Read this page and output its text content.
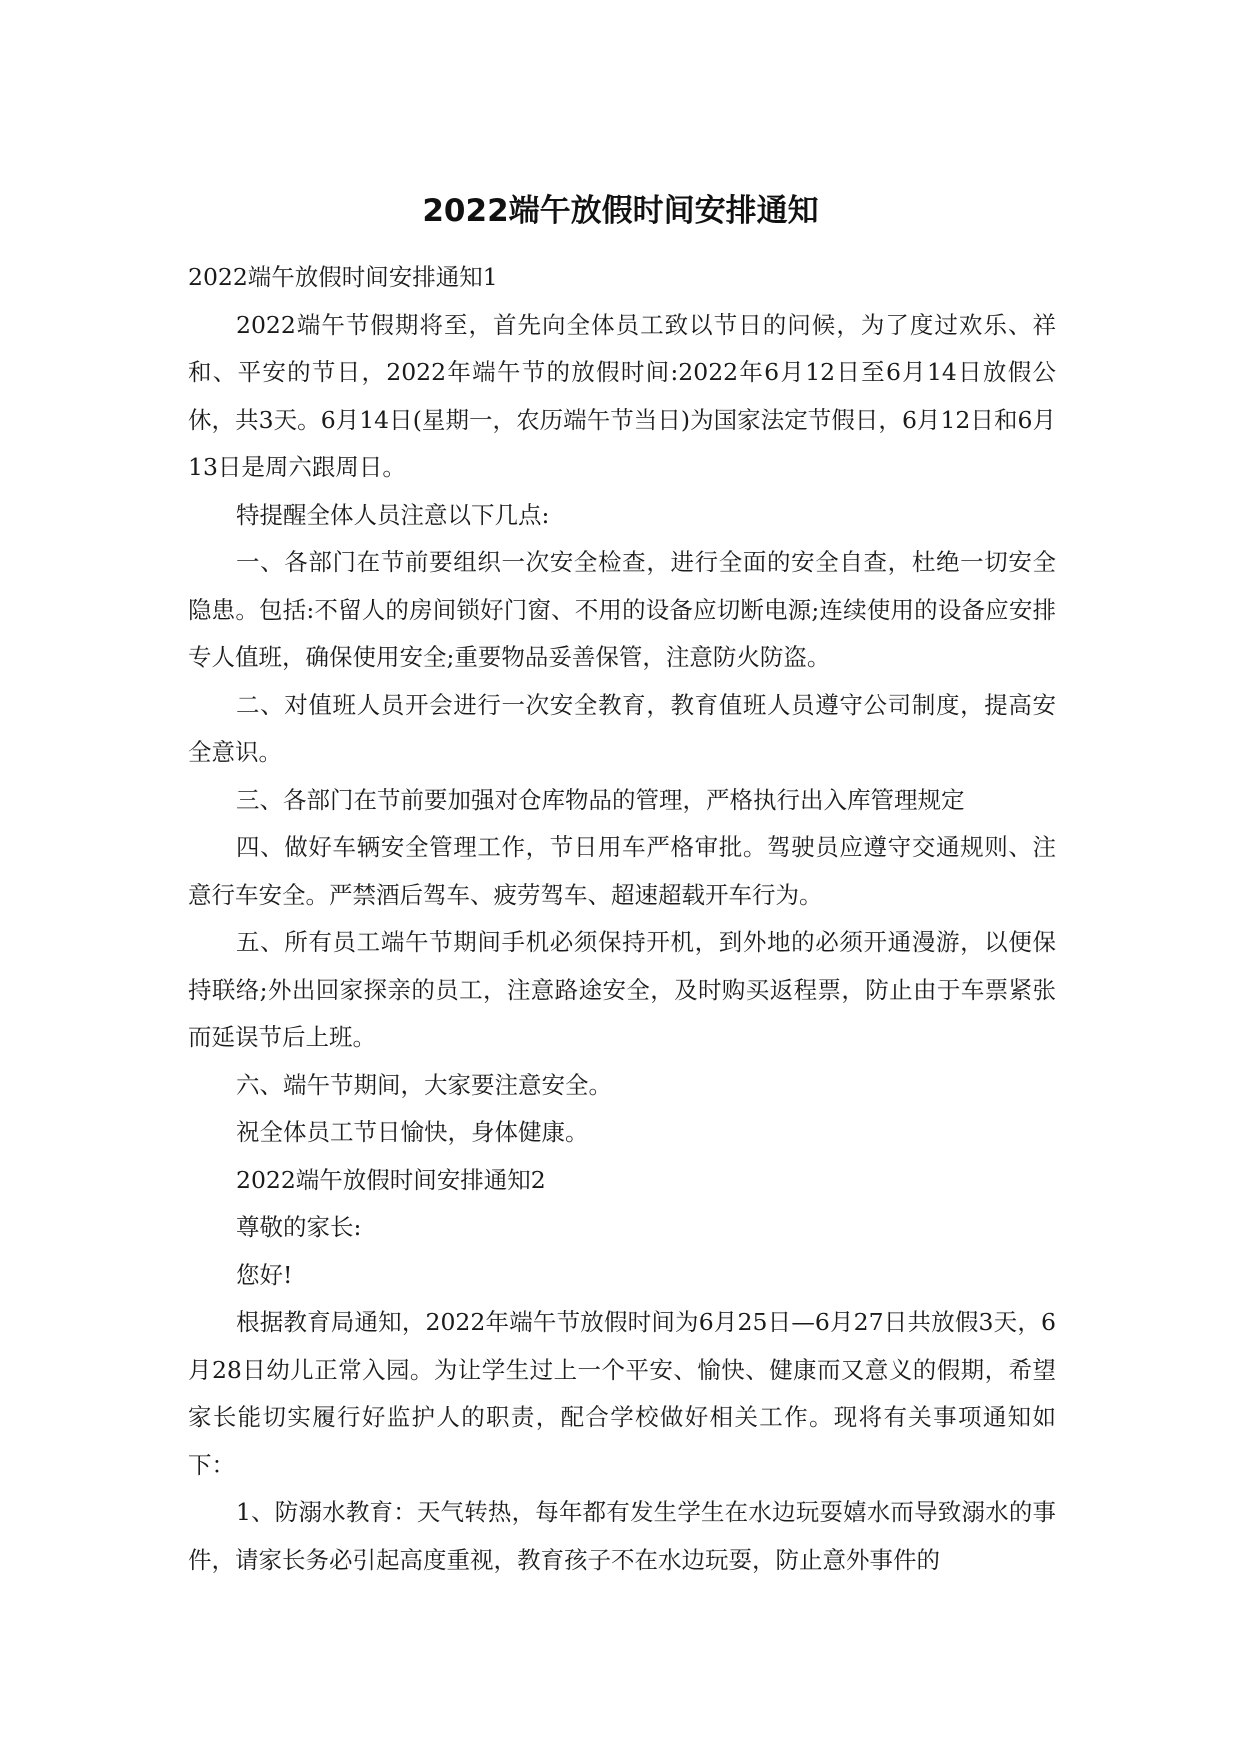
2022端午放假时间安排通知

2022端午放假时间安排通知1

2022端午节假期将至，首先向全体员工致以节日的问候，为了度过欢乐、祥和、平安的节日，2022年端午节的放假时间:2022年6月12日至6月14日放假公休，共3天。6月14日(星期一，农历端午节当日)为国家法定节假日，6月12日和6月13日是周六跟周日。

特提醒全体人员注意以下几点:

一、各部门在节前要组织一次安全检查，进行全面的安全自查，杜绝一切安全隐患。包括:不留人的房间锁好门窗、不用的设备应切断电源;连续使用的设备应安排专人值班，确保使用安全;重要物品妥善保管，注意防火防盗。

二、对值班人员开会进行一次安全教育，教育值班人员遵守公司制度，提高安全意识。

三、各部门在节前要加强对仓库物品的管理，严格执行出入库管理规定

四、做好车辆安全管理工作，节日用车严格审批。驾驶员应遵守交通规则、注意行车安全。严禁酒后驾车、疲劳驾车、超速超载开车行为。

五、所有员工端午节期间手机必须保持开机，到外地的必须开通漫游，以便保持联络;外出回家探亲的员工，注意路途安全，及时购买返程票，防止由于车票紧张而延误节后上班。

六、端午节期间，大家要注意安全。

祝全体员工节日愉快，身体健康。

2022端午放假时间安排通知2

尊敬的家长:

您好!

根据教育局通知，2022年端午节放假时间为6月25日—6月27日共放假3天，6月28日幼儿正常入园。为让学生过上一个平安、愉快、健康而又意义的假期，希望家长能切实履行好监护人的职责，配合学校做好相关工作。现将有关事项通知如下：

1、防溺水教育：天气转热，每年都有发生学生在水边玩耍嬉水而导致溺水的事件，请家长务必引起高度重视，教育孩子不在水边玩耍，防止意外事件的
